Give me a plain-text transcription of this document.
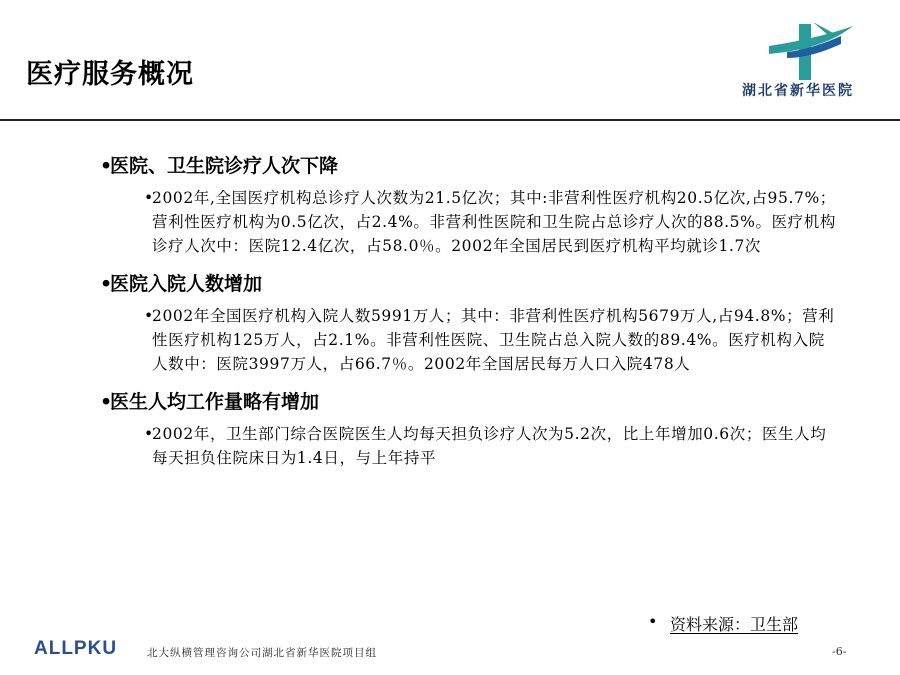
医疗服务概况
湖北省新华医院
•
医院、卫生院诊疗人次下降
•
2002年,全国医疗机构总诊疗人次数为21.5亿次；其中:非营利性医疗机构20.5亿次,占95.7%；营利性医疗机构为0.5亿次，占2.4%。非营利性医院和卫生院占总诊疗人次的88.5%。医疗机构诊疗人次中：医院12.4亿次，占58.0％。2002年全国居民到医疗机构平均就诊1.7次
•
医院入院人数增加
•
2002年全国医疗机构入院人数5991万人；其中：非营利性医疗机构5679万人,占94.8%；营利性医疗机构125万人，占2.1%。非营利性医院、卫生院占总入院人数的89.4%。医疗机构入院人数中：医院3997万人，占66.7％。2002年全国居民每万人口入院478人
•
医生人均工作量略有增加
•
2002年，卫生部门综合医院医生人均每天担负诊疗人次为5.2次，比上年增加0.6次；医生人均每天担负住院床日为1.4日，与上年持平
• 资料来源：卫生部
ALLPKU	北大纵横管理咨询公司湖北省新华医院项目组	-6-
